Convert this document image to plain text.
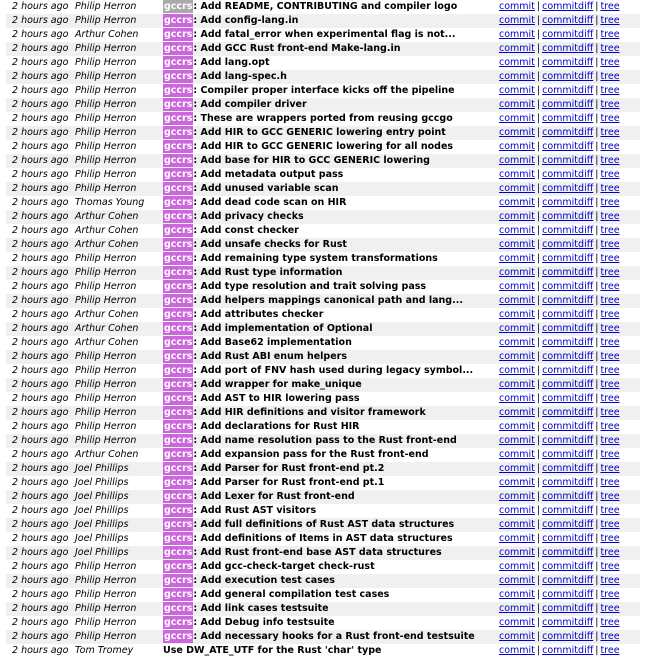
2 hours ago	Philip Herron	gccrs: Add README, CONTRIBUTING and compiler logo	commit | commitdiff | tree
2 hours ago	Philip Herron	gccrs: Add config-lang.in	commit | commitdiff | tree
2 hours ago	Arthur Cohen	gccrs: Add fatal_error when experimental flag is not...	commit | commitdiff | tree
2 hours ago	Philip Herron	gccrs: Add GCC Rust front-end Make-lang.in	commit | commitdiff | tree
2 hours ago	Philip Herron	gccrs: Add lang.opt	commit | commitdiff | tree
2 hours ago	Philip Herron	gccrs: Add lang-spec.h	commit | commitdiff | tree
2 hours ago	Philip Herron	gccrs: Compiler proper interface kicks off the pipeline	commit | commitdiff | tree
2 hours ago	Philip Herron	gccrs: Add compiler driver	commit | commitdiff | tree
2 hours ago	Philip Herron	gccrs: These are wrappers ported from reusing gccgo	commit | commitdiff | tree
2 hours ago	Philip Herron	gccrs: Add HIR to GCC GENERIC lowering entry point	commit | commitdiff | tree
2 hours ago	Philip Herron	gccrs: Add HIR to GCC GENERIC lowering for all nodes	commit | commitdiff | tree
2 hours ago	Philip Herron	gccrs: Add base for HIR to GCC GENERIC lowering	commit | commitdiff | tree
2 hours ago	Philip Herron	gccrs: Add metadata output pass	commit | commitdiff | tree
2 hours ago	Philip Herron	gccrs: Add unused variable scan	commit | commitdiff | tree
2 hours ago	Thomas Young	gccrs: Add dead code scan on HIR	commit | commitdiff | tree
2 hours ago	Arthur Cohen	gccrs: Add privacy checks	commit | commitdiff | tree
2 hours ago	Arthur Cohen	gccrs: Add const checker	commit | commitdiff | tree
2 hours ago	Arthur Cohen	gccrs: Add unsafe checks for Rust	commit | commitdiff | tree
2 hours ago	Philip Herron	gccrs: Add remaining type system transformations	commit | commitdiff | tree
2 hours ago	Philip Herron	gccrs: Add Rust type information	commit | commitdiff | tree
2 hours ago	Philip Herron	gccrs: Add type resolution and trait solving pass	commit | commitdiff | tree
2 hours ago	Philip Herron	gccrs: Add helpers mappings canonical path and lang...	commit | commitdiff | tree
2 hours ago	Arthur Cohen	gccrs: Add attributes checker	commit | commitdiff | tree
2 hours ago	Arthur Cohen	gccrs: Add implementation of Optional	commit | commitdiff | tree
2 hours ago	Arthur Cohen	gccrs: Add Base62 implementation	commit | commitdiff | tree
2 hours ago	Philip Herron	gccrs: Add Rust ABI enum helpers	commit | commitdiff | tree
2 hours ago	Philip Herron	gccrs: Add port of FNV hash used during legacy symbol...	commit | commitdiff | tree
2 hours ago	Philip Herron	gccrs: Add wrapper for make_unique	commit | commitdiff | tree
2 hours ago	Philip Herron	gccrs: Add AST to HIR lowering pass	commit | commitdiff | tree
2 hours ago	Philip Herron	gccrs: Add HIR definitions and visitor framework	commit | commitdiff | tree
2 hours ago	Philip Herron	gccrs: Add declarations for Rust HIR	commit | commitdiff | tree
2 hours ago	Philip Herron	gccrs: Add name resolution pass to the Rust front-end	commit | commitdiff | tree
2 hours ago	Arthur Cohen	gccrs: Add expansion pass for the Rust front-end	commit | commitdiff | tree
2 hours ago	Joel Phillips	gccrs: Add Parser for Rust front-end pt.2	commit | commitdiff | tree
2 hours ago	Joel Phillips	gccrs: Add Parser for Rust front-end pt.1	commit | commitdiff | tree
2 hours ago	Joel Phillips	gccrs: Add Lexer for Rust front-end	commit | commitdiff | tree
2 hours ago	Joel Phillips	gccrs: Add Rust AST visitors	commit | commitdiff | tree
2 hours ago	Joel Phillips	gccrs: Add full definitions of Rust AST data structures	commit | commitdiff | tree
2 hours ago	Joel Phillips	gccrs: Add definitions of Items in AST data structures	commit | commitdiff | tree
2 hours ago	Joel Phillips	gccrs: Add Rust front-end base AST data structures	commit | commitdiff | tree
2 hours ago	Philip Herron	gccrs: Add gcc-check-target check-rust	commit | commitdiff | tree
2 hours ago	Philip Herron	gccrs: Add execution test cases	commit | commitdiff | tree
2 hours ago	Philip Herron	gccrs: Add general compilation test cases	commit | commitdiff | tree
2 hours ago	Philip Herron	gccrs: Add link cases testsuite	commit | commitdiff | tree
2 hours ago	Philip Herron	gccrs: Add Debug info testsuite	commit | commitdiff | tree
2 hours ago	Philip Herron	gccrs: Add necessary hooks for a Rust front-end testsuite	commit | commitdiff | tree
2 hours ago	Tom Tromey	Use DW_ATE_UTF for the Rust 'char' type	commit | commitdiff | tree
